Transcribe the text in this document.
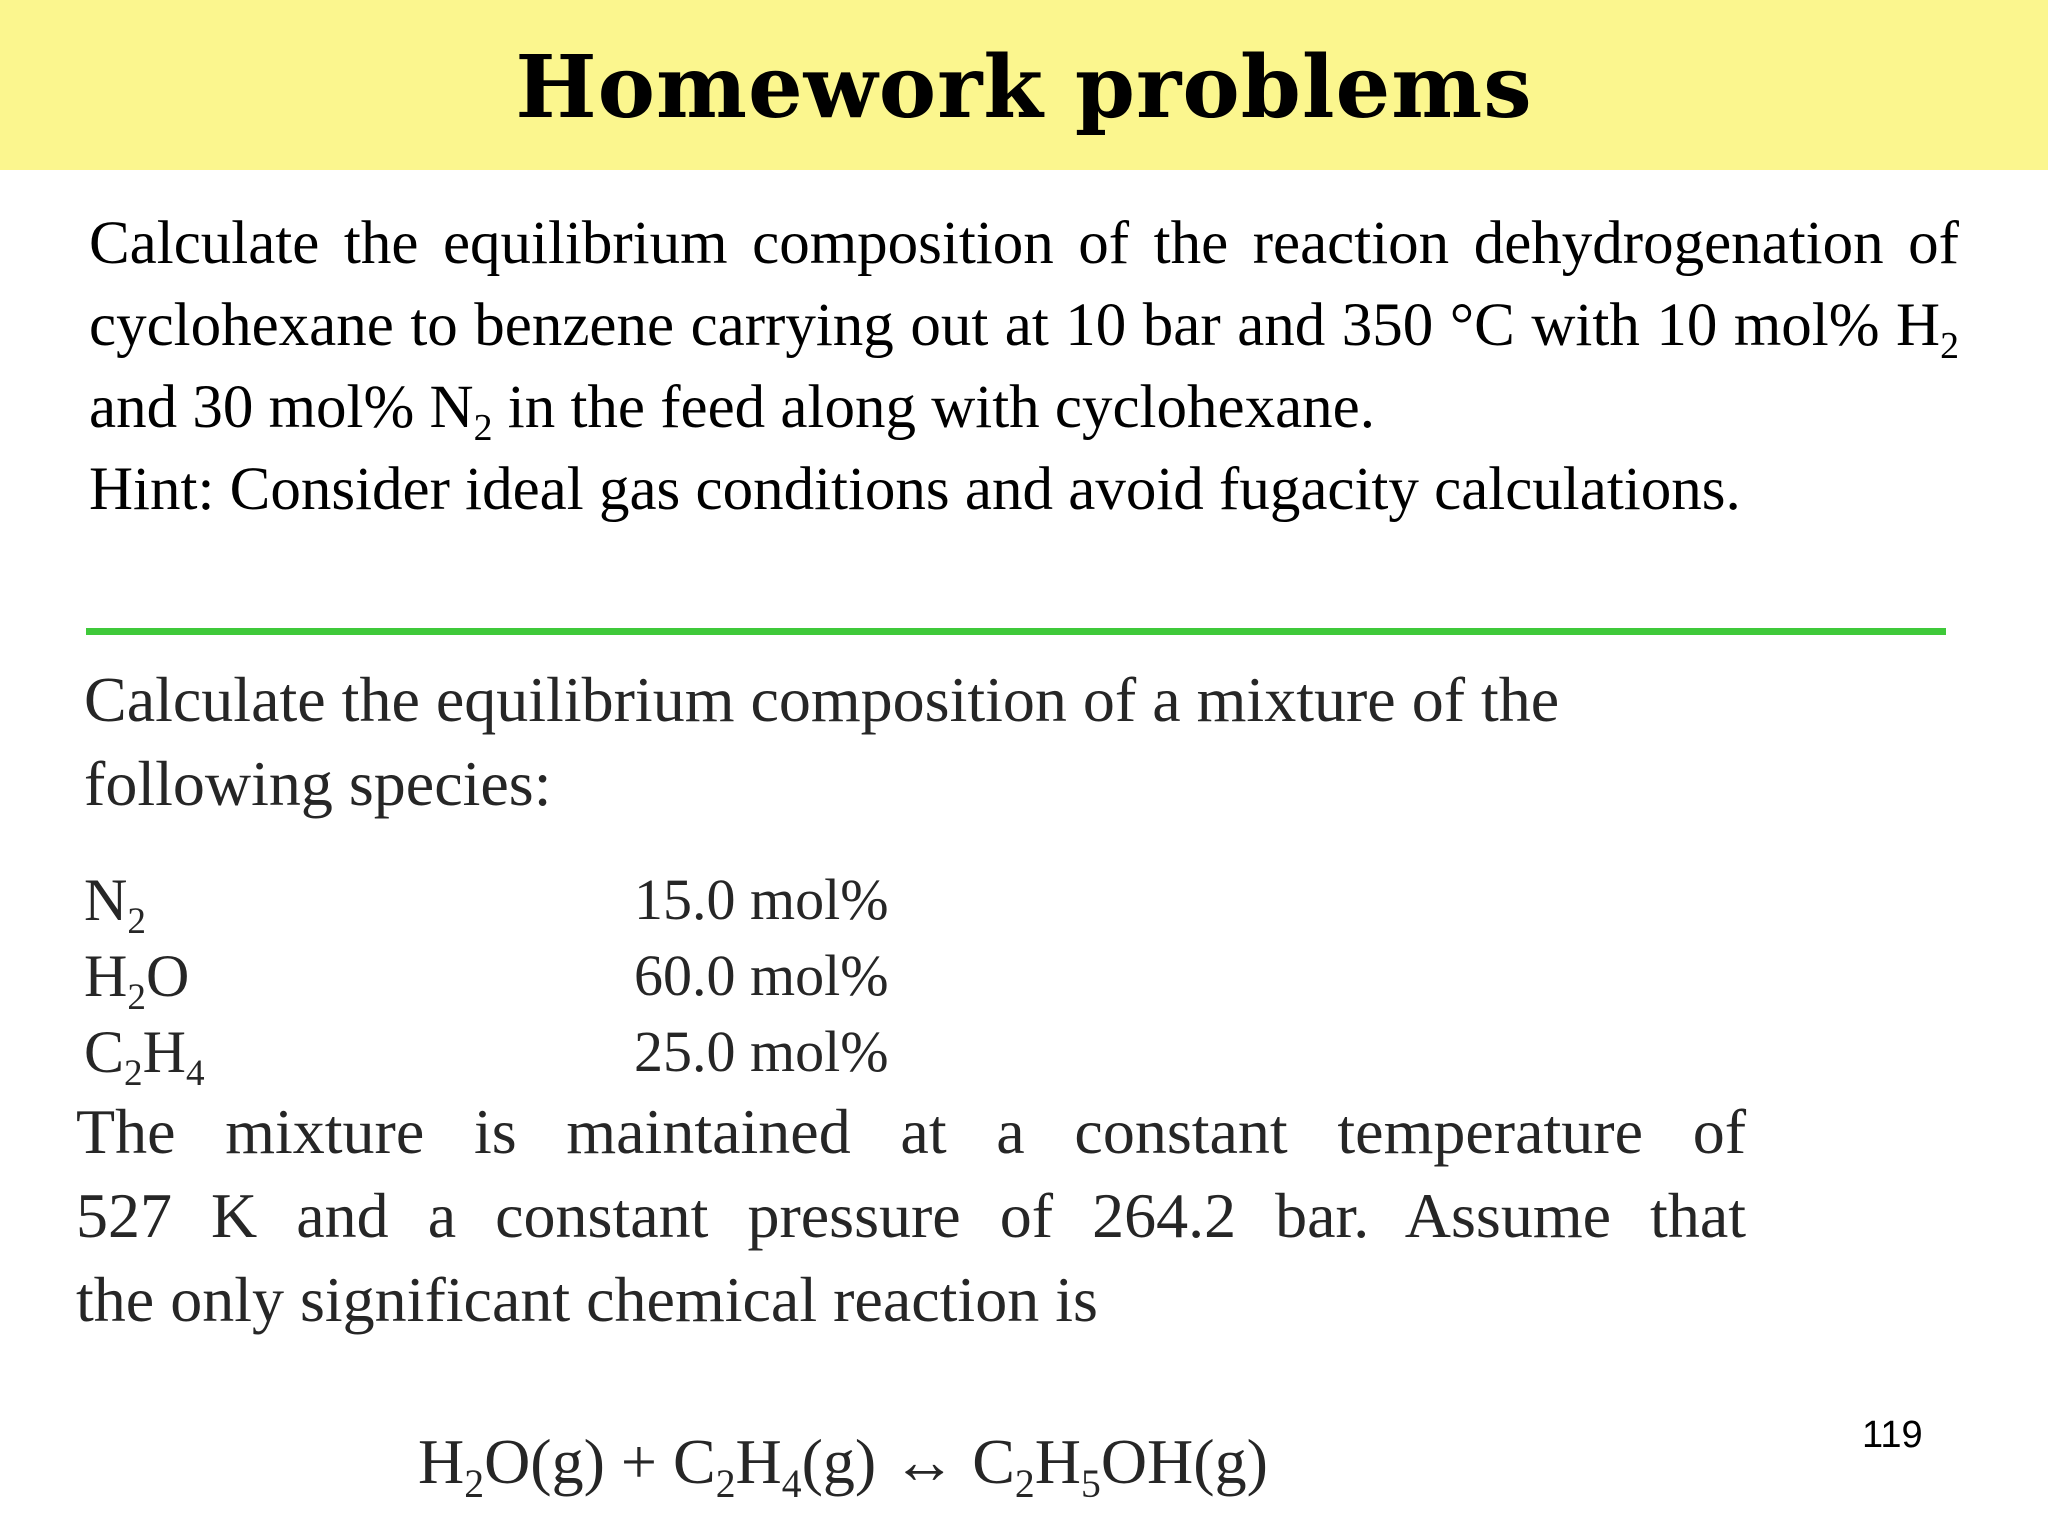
Homework problems

Calculate the equilibrium composition of the reaction dehydrogenation of cyclohexane to benzene carrying out at 10 bar and 350 °C with 10 mol% $H_2$ and 30 mol% $N_2$ in the feed along with cyclohexane.

Hint: Consider ideal gas conditions and avoid fugacity calculations.

Calculate the equilibrium composition of a mixture of the
following species:

$N_2$	15.0 mol%
$H_2O$	60.0 mol%
$C_2H_4$	25.0 mol%

The mixture is maintained at a constant temperature of
527 K and a constant pressure of 264.2 bar. Assume that
the only significant chemical reaction is

$H_2O(g) + C_2H_4(g)$ ↔ $C_2H_5OH(g)$	119
